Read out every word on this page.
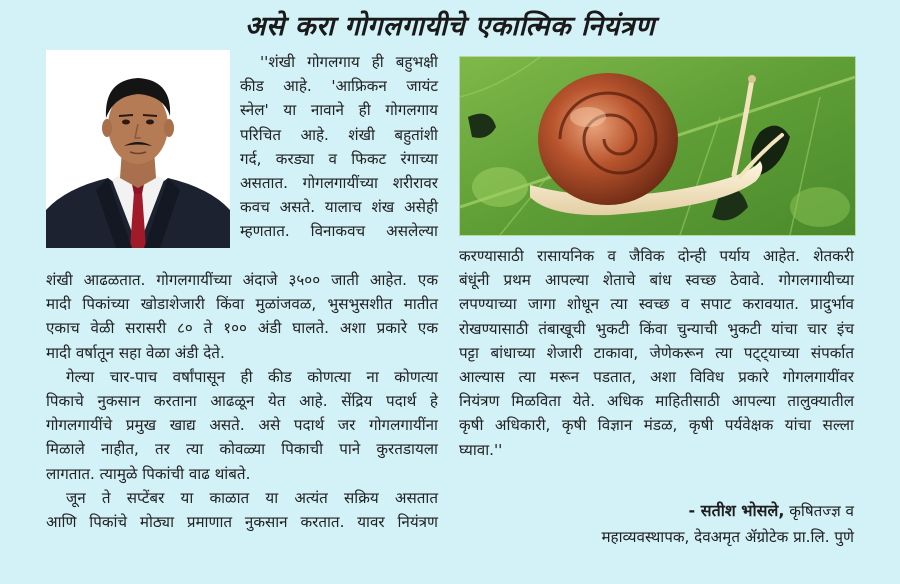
असे करा गोगलगायीचे एकात्मिक नियंत्रण

''शंखी गोगलगाय ही बहुभक्षी

कीड आहे. 'आफ्रिकन जायंट

स्नेल' या नावाने ही गोगलगाय

परिचित आहे. शंखी बहुतांशी

गर्द, करड्या व फिकट रंगाच्या

असतात. गोगलगायींच्या शरीरावर

कवच असते. यालाच शंख असेही

म्हणतात. विनाकवच असलेल्या

शंखी आढळतात. गोगलगायींच्या अंदाजे ३५०० जाती आहेत. एक

मादी पिकांच्या खोडाशेजारी किंवा मुळांजवळ, भुसभुसशीत मातीत

एकाच वेळी सरासरी ८० ते १०० अंडी घालते. अशा प्रकारे एक

मादी वर्षातून सहा वेळा अंडी देते.

गेल्या चार-पाच वर्षांपासून ही कीड कोणत्या ना कोणत्या

पिकाचे नुकसान करताना आढळून येत आहे. सेंद्रिय पदार्थ हे

गोगलगायींचे प्रमुख खाद्य असते. असे पदार्थ जर गोगलगायींना

मिळाले नाहीत, तर त्या कोवळ्या पिकाची पाने कुरतडायला

लागतात. त्यामुळे पिकांची वाढ थांबते.

जून ते सप्टेंबर या काळात या अत्यंत सक्रिय असतात

आणि पिकांचे मोठ्या प्रमाणात नुकसान करतात. यावर नियंत्रण

करण्यासाठी रासायनिक व जैविक दोन्ही पर्याय आहेत. शेतकरी

बंधूंनी प्रथम आपल्या शेताचे बांध स्वच्छ ठेवावे. गोगलगायीच्या

लपण्याच्या जागा शोधून त्या स्वच्छ व सपाट करावयात. प्रादुर्भाव

रोखण्यासाठी तंबाखूची भुकटी किंवा चुन्याची भुकटी यांचा चार इंच

पट्टा बांधाच्या शेजारी टाकावा, जेणेकरून त्या पट्ट्याच्या संपर्कात

आल्यास त्या मरून पडतात, अशा विविध प्रकारे गोगलगायींवर

नियंत्रण मिळविता येते. अधिक माहितीसाठी आपल्या तालुक्यातील

कृषी अधिकारी, कृषी विज्ञान मंडळ, कृषी पर्यवेक्षक यांचा सल्ला

घ्यावा.''

- सतीश भोसले, कृषितज्ज्ञ व
महाव्यवस्थापक, देवअमृत ॲग्रोटेक प्रा.लि. पुणे
